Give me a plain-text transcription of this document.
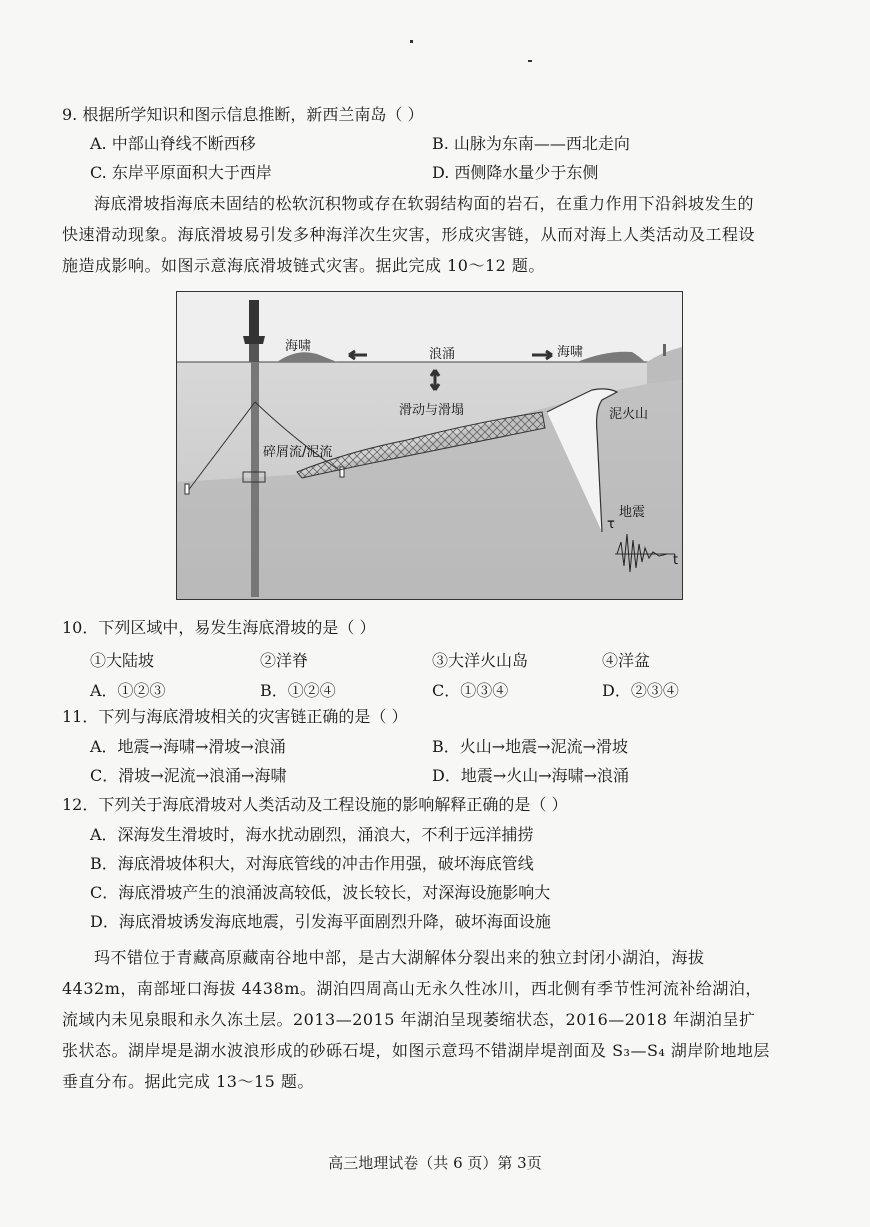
9. 根据所学知识和图示信息推断，新西兰南岛（ ）
A. 中部山脊线不断西移	B. 山脉为东南——西北走向
C. 东岸平原面积大于西岸	D. 西侧降水量少于东侧
海底滑坡指海底未固结的松软沉积物或存在软弱结构面的岩石，在重力作用下沿斜坡发生的快速滑动现象。海底滑坡易引发多种海洋次生灾害，形成灾害链，从而对海上人类活动及工程设施造成影响。如图示意海底滑坡链式灾害。据此完成 10～12 题。
海啸
浪涌	海啸
滑动与滑塌	泥火山
碎屑流/泥流
地震
τ
t
10．下列区域中，易发生海底滑坡的是（ ）
①大陆坡	②洋脊	③大洋火山岛	④洋盆
A．①②③	B．①②④	C．①③④	D．②③④
11．下列与海底滑坡相关的灾害链正确的是（ ）
A．地震→海啸→滑坡→浪涌	B．火山→地震→泥流→滑坡
C．滑坡→泥流→浪涌→海啸	D．地震→火山→海啸→浪涌
12．下列关于海底滑坡对人类活动及工程设施的影响解释正确的是（ ）
A．深海发生滑坡时，海水扰动剧烈，涌浪大，不利于远洋捕捞
B．海底滑坡体积大，对海底管线的冲击作用强，破坏海底管线
C．海底滑坡产生的浪涌波高较低，波长较长，对深海设施影响大
D．海底滑坡诱发海底地震，引发海平面剧烈升降，破坏海面设施
玛不错位于青藏高原藏南谷地中部，是古大湖解体分裂出来的独立封闭小湖泊，海拔 4432m，南部垭口海拔 4438m。湖泊四周高山无永久性冰川，西北侧有季节性河流补给湖泊，流域内未见泉眼和永久冻土层。2013—2015 年湖泊呈现萎缩状态，2016—2018 年湖泊呈扩张状态。湖岸堤是湖水波浪形成的砂砾石堤，如图示意玛不错湖岸堤剖面及 S₃—S₄ 湖岸阶地地层垂直分布。据此完成 13～15 题。
高三地理试卷（共 6 页）第 3页
